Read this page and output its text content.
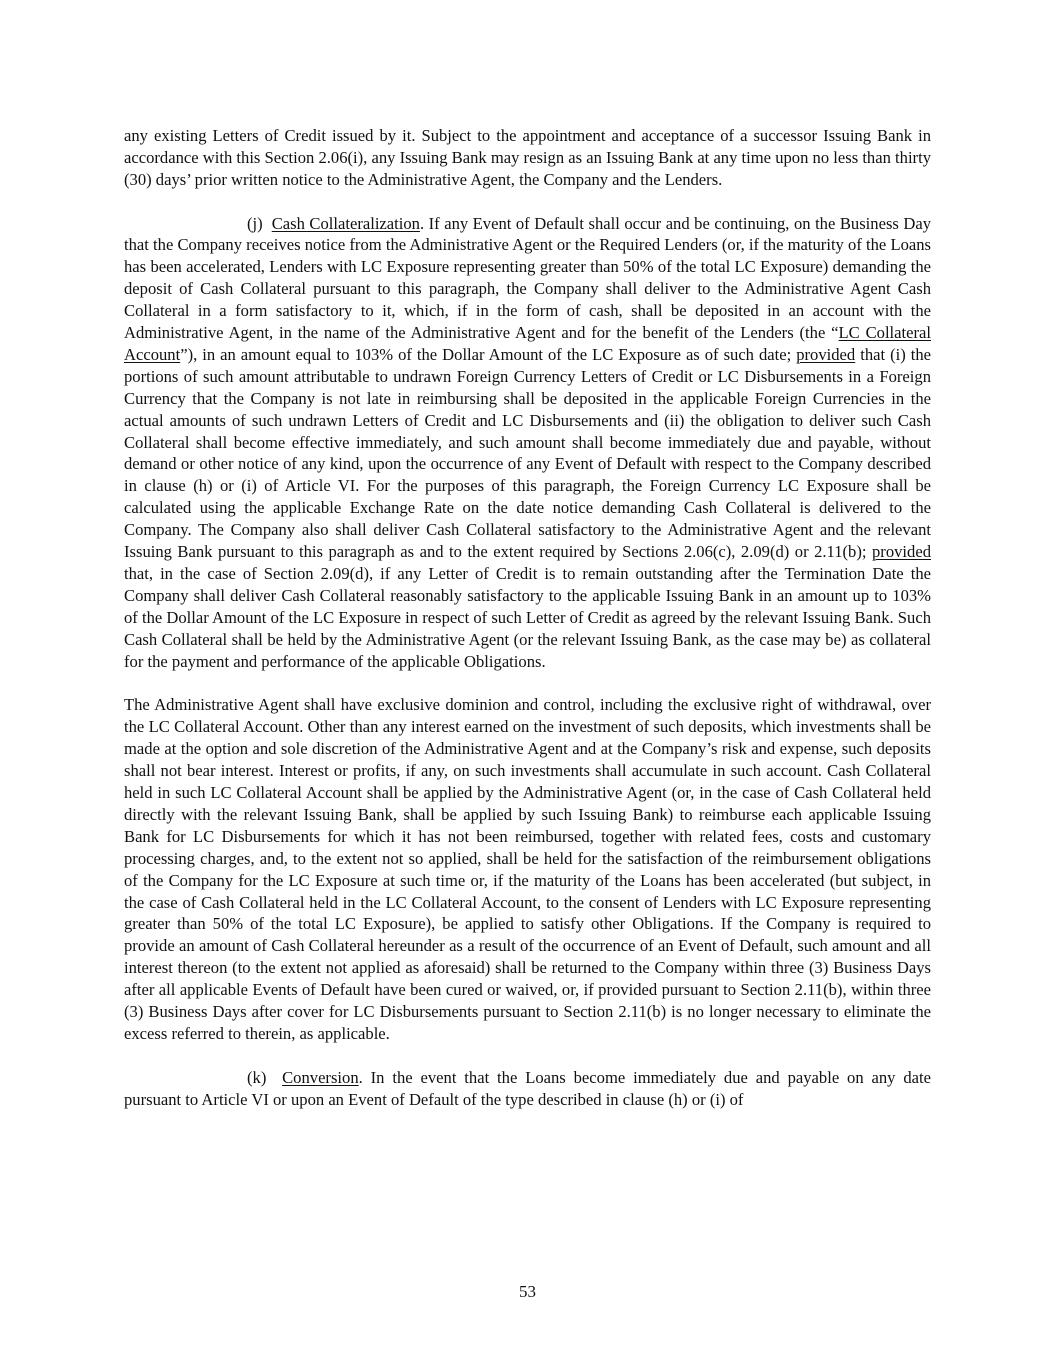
any existing Letters of Credit issued by it. Subject to the appointment and acceptance of a successor Issuing Bank in accordance with this Section 2.06(i), any Issuing Bank may resign as an Issuing Bank at any time upon no less than thirty (30) days’ prior written notice to the Administrative Agent, the Company and the Lenders.

(j) Cash Collateralization. If any Event of Default shall occur and be continuing, on the Business Day that the Company receives notice from the Administrative Agent or the Required Lenders (or, if the maturity of the Loans has been accelerated, Lenders with LC Exposure representing greater than 50% of the total LC Exposure) demanding the deposit of Cash Collateral pursuant to this paragraph, the Company shall deliver to the Administrative Agent Cash Collateral in a form satisfactory to it, which, if in the form of cash, shall be deposited in an account with the Administrative Agent, in the name of the Administrative Agent and for the benefit of the Lenders (the “LC Collateral Account”), in an amount equal to 103% of the Dollar Amount of the LC Exposure as of such date; provided that (i) the portions of such amount attributable to undrawn Foreign Currency Letters of Credit or LC Disbursements in a Foreign Currency that the Company is not late in reimbursing shall be deposited in the applicable Foreign Currencies in the actual amounts of such undrawn Letters of Credit and LC Disbursements and (ii) the obligation to deliver such Cash Collateral shall become effective immediately, and such amount shall become immediately due and payable, without demand or other notice of any kind, upon the occurrence of any Event of Default with respect to the Company described in clause (h) or (i) of Article VI. For the purposes of this paragraph, the Foreign Currency LC Exposure shall be calculated using the applicable Exchange Rate on the date notice demanding Cash Collateral is delivered to the Company. The Company also shall deliver Cash Collateral satisfactory to the Administrative Agent and the relevant Issuing Bank pursuant to this paragraph as and to the extent required by Sections 2.06(c), 2.09(d) or 2.11(b); provided that, in the case of Section 2.09(d), if any Letter of Credit is to remain outstanding after the Termination Date the Company shall deliver Cash Collateral reasonably satisfactory to the applicable Issuing Bank in an amount up to 103% of the Dollar Amount of the LC Exposure in respect of such Letter of Credit as agreed by the relevant Issuing Bank. Such Cash Collateral shall be held by the Administrative Agent (or the relevant Issuing Bank, as the case may be) as collateral for the payment and performance of the applicable Obligations.

The Administrative Agent shall have exclusive dominion and control, including the exclusive right of withdrawal, over the LC Collateral Account. Other than any interest earned on the investment of such deposits, which investments shall be made at the option and sole discretion of the Administrative Agent and at the Company’s risk and expense, such deposits shall not bear interest. Interest or profits, if any, on such investments shall accumulate in such account. Cash Collateral held in such LC Collateral Account shall be applied by the Administrative Agent (or, in the case of Cash Collateral held directly with the relevant Issuing Bank, shall be applied by such Issuing Bank) to reimburse each applicable Issuing Bank for LC Disbursements for which it has not been reimbursed, together with related fees, costs and customary processing charges, and, to the extent not so applied, shall be held for the satisfaction of the reimbursement obligations of the Company for the LC Exposure at such time or, if the maturity of the Loans has been accelerated (but subject, in the case of Cash Collateral held in the LC Collateral Account, to the consent of Lenders with LC Exposure representing greater than 50% of the total LC Exposure), be applied to satisfy other Obligations. If the Company is required to provide an amount of Cash Collateral hereunder as a result of the occurrence of an Event of Default, such amount and all interest thereon (to the extent not applied as aforesaid) shall be returned to the Company within three (3) Business Days after all applicable Events of Default have been cured or waived, or, if provided pursuant to Section 2.11(b), within three (3) Business Days after cover for LC Disbursements pursuant to Section 2.11(b) is no longer necessary to eliminate the excess referred to therein, as applicable.

(k) Conversion. In the event that the Loans become immediately due and payable on any date pursuant to Article VI or upon an Event of Default of the type described in clause (h) or (i) of

53
